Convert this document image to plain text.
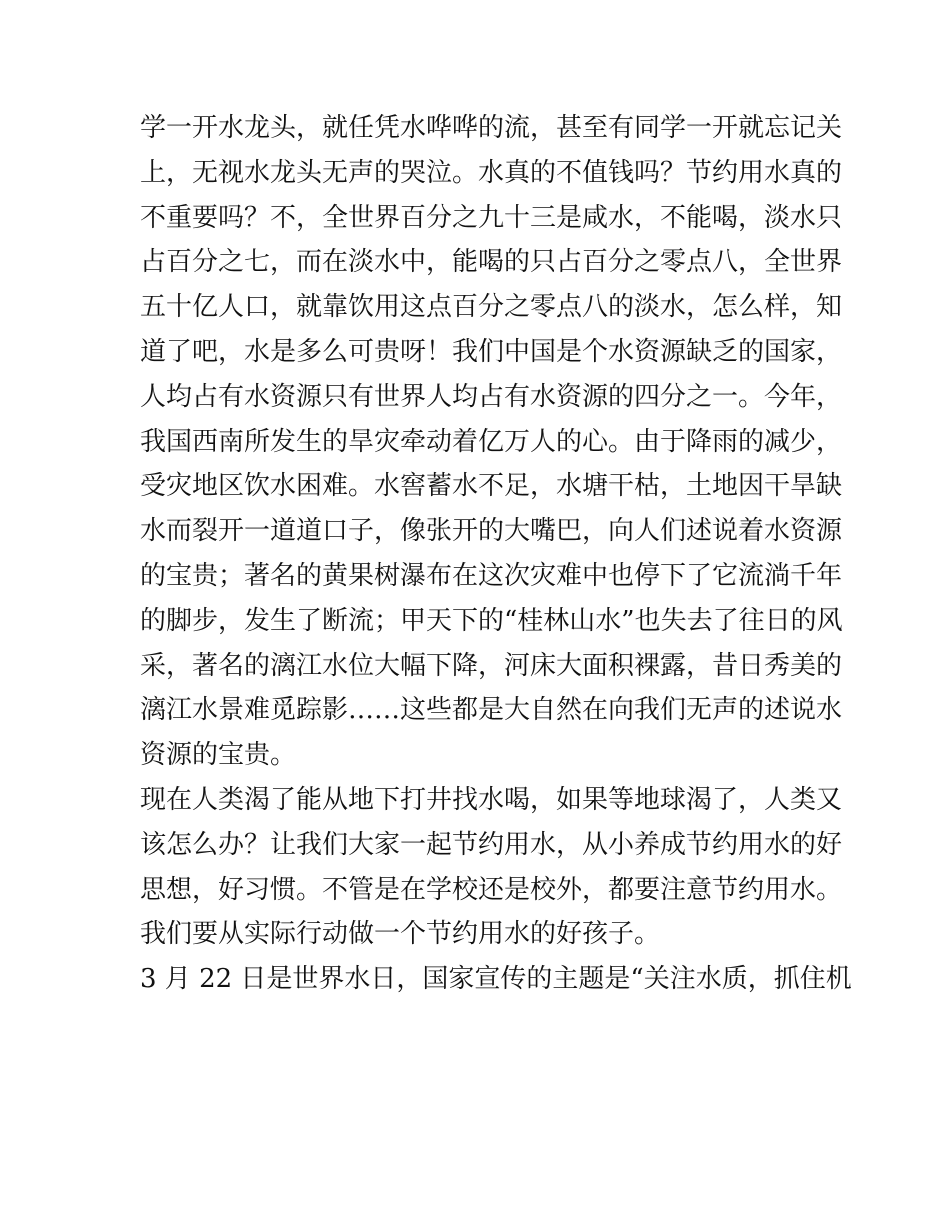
学一开水龙头，就任凭水哗哗的流，甚至有同学一开就忘记关
上，无视水龙头无声的哭泣。水真的不值钱吗？节约用水真的
不重要吗？不，全世界百分之九十三是咸水，不能喝，淡水只
占百分之七，而在淡水中，能喝的只占百分之零点八，全世界
五十亿人口，就靠饮用这点百分之零点八的淡水，怎么样，知
道了吧，水是多么可贵呀！我们中国是个水资源缺乏的国家，
人均占有水资源只有世界人均占有水资源的四分之一。今年，
我国西南所发生的旱灾牵动着亿万人的心。由于降雨的减少，
受灾地区饮水困难。水窖蓄水不足，水塘干枯，土地因干旱缺
水而裂开一道道口子，像张开的大嘴巴，向人们述说着水资源
的宝贵；著名的黄果树瀑布在这次灾难中也停下了它流淌千年
的脚步，发生了断流；甲天下的“桂林山水”也失去了往日的风
采，著名的漓江水位大幅下降，河床大面积裸露，昔日秀美的
漓江水景难觅踪影……这些都是大自然在向我们无声的述说水
资源的宝贵。
现在人类渴了能从地下打井找水喝，如果等地球渴了，人类又
该怎么办？让我们大家一起节约用水，从小养成节约用水的好
思想，好习惯。不管是在学校还是校外，都要注意节约用水。
我们要从实际行动做一个节约用水的好孩子。
3 月 22 日是世界水日，国家宣传的主题是“关注水质，抓住机
